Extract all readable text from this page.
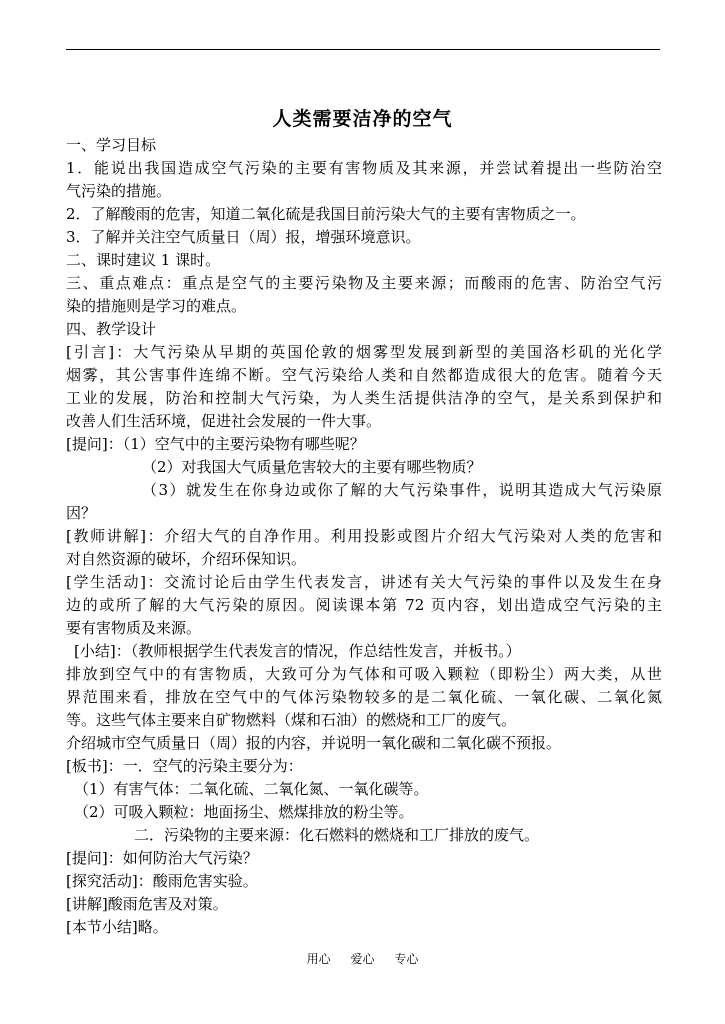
人类需要洁净的空气
一、学习目标
1．能说出我国造成空气污染的主要有害物质及其来源，并尝试着提出一些防治空
气污染的措施。
2．了解酸雨的危害，知道二氧化硫是我国目前污染大气的主要有害物质之一。
3．了解并关注空气质量日（周）报，增强环境意识。
二、课时建议 1 课时。
三、重点难点：重点是空气的主要污染物及主要来源；而酸雨的危害、防治空气污
染的措施则是学习的难点。
四、教学设计
[引言]：大气污染从早期的英国伦敦的烟雾型发展到新型的美国洛杉矶的光化学
烟雾，其公害事件连绵不断。空气污染给人类和自然都造成很大的危害。随着今天
工业的发展，防治和控制大气污染，为人类生活提供洁净的空气，是关系到保护和
改善人们生活环境，促进社会发展的一件大事。
[提问]：（1）空气中的主要污染物有哪些呢？
（2）对我国大气质量危害较大的主要有哪些物质？
（3）就发生在你身边或你了解的大气污染事件，说明其造成大气污染原
因？
[教师讲解]：介绍大气的自净作用。利用投影或图片介绍大气污染对人类的危害和
对自然资源的破坏，介绍环保知识。
[学生活动]：交流讨论后由学生代表发言，讲述有关大气污染的事件以及发生在身
边的或所了解的大气污染的原因。阅读课本第 72 页内容，划出造成空气污染的主
要有害物质及来源。
[小结]：（教师根据学生代表发言的情况，作总结性发言，并板书。）
排放到空气中的有害物质，大致可分为气体和可吸入颗粒（即粉尘）两大类，从世
界范围来看，排放在空气中的气体污染物较多的是二氧化硫、一氧化碳、二氧化氮
等。这些气体主要来自矿物燃料（煤和石油）的燃烧和工厂的废气。
介绍城市空气质量日（周）报的内容，并说明一氧化碳和二氧化碳不预报。
[板书]：一．空气的污染主要分为：
（1）有害气体：二氧化硫、二氧化氮、一氧化碳等。
（2）可吸入颗粒：地面扬尘、燃煤排放的粉尘等。
二．污染物的主要来源：化石燃料的燃烧和工厂排放的废气。
[提问]：如何防治大气污染？
[探究活动]：酸雨危害实验。
[讲解]酸雨危害及对策。
[本节小结]略。
用心 爱心 专心
